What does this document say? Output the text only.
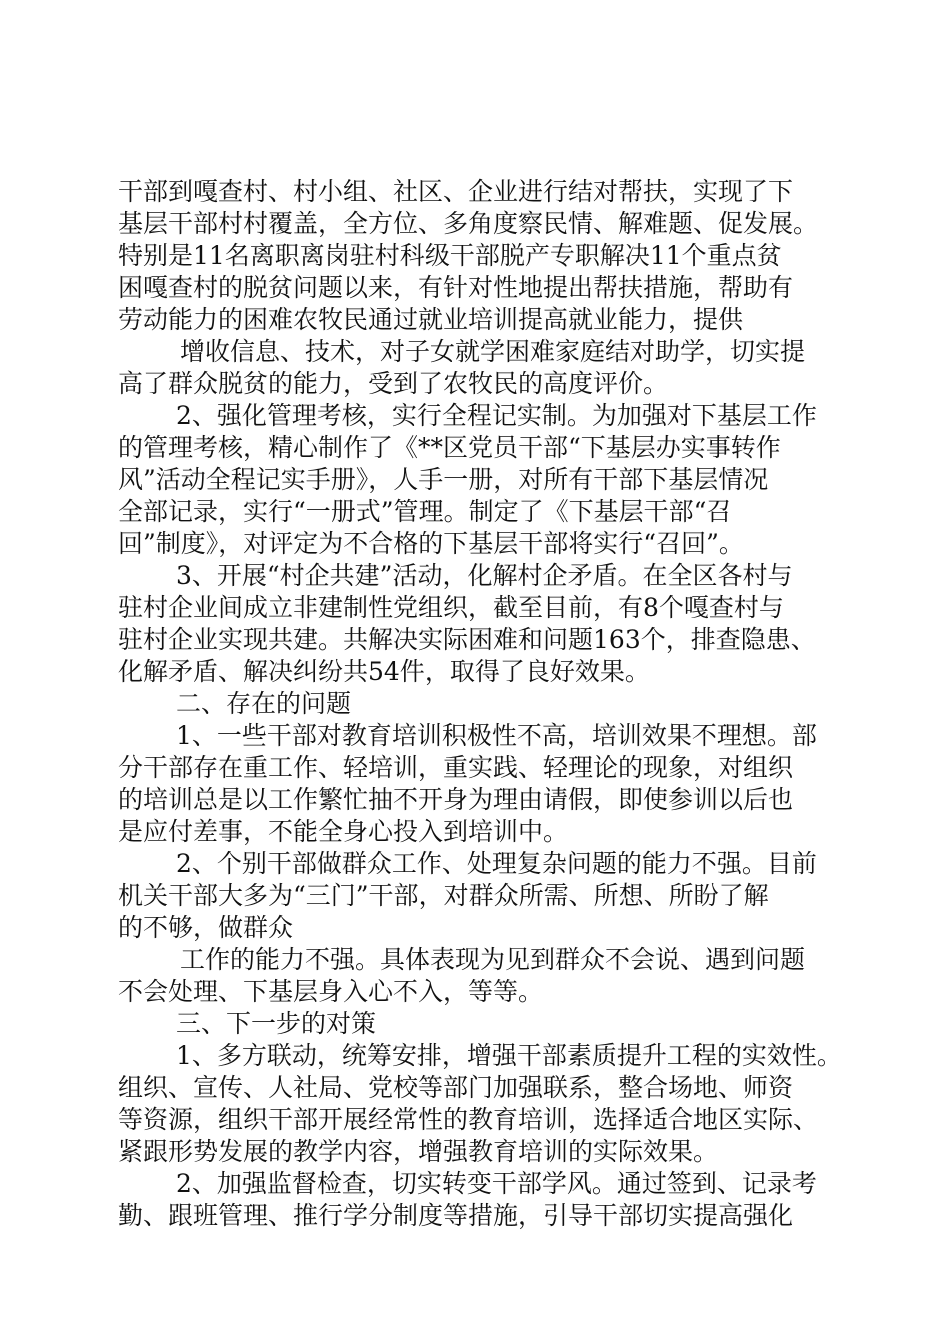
干部到嘎查村、村小组、社区、企业进行结对帮扶，实现了下
基层干部村村覆盖，全方位、多角度察民情、解难题、促发展。
特别是11名离职离岗驻村科级干部脱产专职解决11个重点贫
困嘎查村的脱贫问题以来，有针对性地提出帮扶措施，帮助有
劳动能力的困难农牧民通过就业培训提高就业能力，提供
增收信息、技术，对子女就学困难家庭结对助学，切实提
高了群众脱贫的能力，受到了农牧民的高度评价。
2、强化管理考核，实行全程记实制。为加强对下基层工作
的管理考核，精心制作了《**区党员干部“下基层办实事转作
风”活动全程记实手册》，人手一册，对所有干部下基层情况
全部记录，实行“一册式”管理。制定了《下基层干部“召
回”制度》，对评定为不合格的下基层干部将实行“召回”。
3、开展“村企共建”活动，化解村企矛盾。在全区各村与
驻村企业间成立非建制性党组织，截至目前，有8个嘎查村与
驻村企业实现共建。共解决实际困难和问题163个，排查隐患、
化解矛盾、解决纠纷共54件，取得了良好效果。
二、存在的问题
1、一些干部对教育培训积极性不高，培训效果不理想。部
分干部存在重工作、轻培训，重实践、轻理论的现象，对组织
的培训总是以工作繁忙抽不开身为理由请假，即使参训以后也
是应付差事，不能全身心投入到培训中。
2、个别干部做群众工作、处理复杂问题的能力不强。目前
机关干部大多为“三门”干部，对群众所需、所想、所盼了解
的不够，做群众
工作的能力不强。具体表现为见到群众不会说、遇到问题
不会处理、下基层身入心不入，等等。
三、下一步的对策
1、多方联动，统筹安排，增强干部素质提升工程的实效性。
组织、宣传、人社局、党校等部门加强联系，整合场地、师资
等资源，组织干部开展经常性的教育培训，选择适合地区实际、
紧跟形势发展的教学内容，增强教育培训的实际效果。
2、加强监督检查，切实转变干部学风。通过签到、记录考
勤、跟班管理、推行学分制度等措施，引导干部切实提高强化
